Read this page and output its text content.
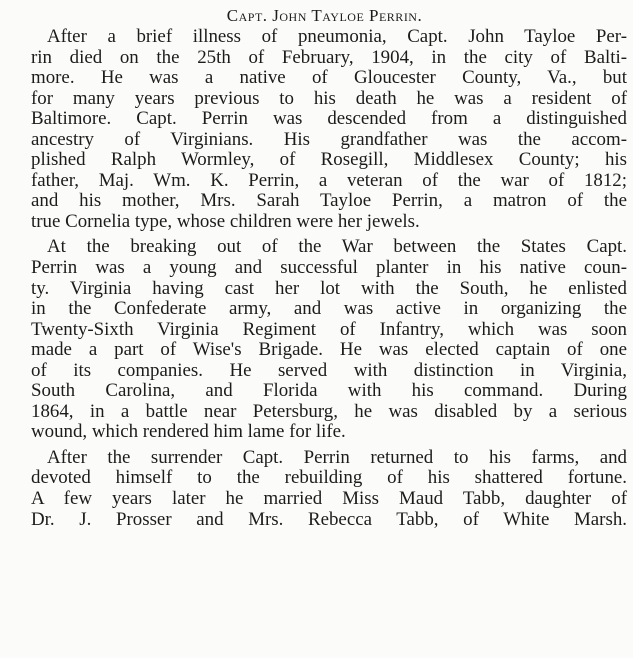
Capt. John Tayloe Perrin.

After a brief illness of pneumonia, Capt. John Tayloe Per-
rin died on the 25th of February, 1904, in the city of Balti-
more. He was a native of Gloucester County, Va., but
for many years previous to his death he was a resident of
Baltimore. Capt. Perrin was descended from a distinguished
ancestry of Virginians. His grandfather was the accom-
plished Ralph Wormley, of Rosegill, Middlesex County; his
father, Maj. Wm. K. Perrin, a veteran of the war of 1812;
and his mother, Mrs. Sarah Tayloe Perrin, a matron of the
true Cornelia type, whose children were her jewels.

At the breaking out of the War between the States Capt.
Perrin was a young and successful planter in his native coun-
ty. Virginia having cast her lot with the South, he enlisted
in the Confederate army, and was active in organizing the
Twenty-Sixth Virginia Regiment of Infantry, which was soon
made a part of Wise's Brigade. He was elected captain of one
of its companies. He served with distinction in Virginia,
South Carolina, and Florida with his command. During
1864, in a battle near Petersburg, he was disabled by a serious
wound, which rendered him lame for life.

After the surrender Capt. Perrin returned to his farms, and
devoted himself to the rebuilding of his shattered fortune.
A few years later he married Miss Maud Tabb, daughter of
Dr. J. Prosser and Mrs. Rebecca Tabb, of White Marsh.
